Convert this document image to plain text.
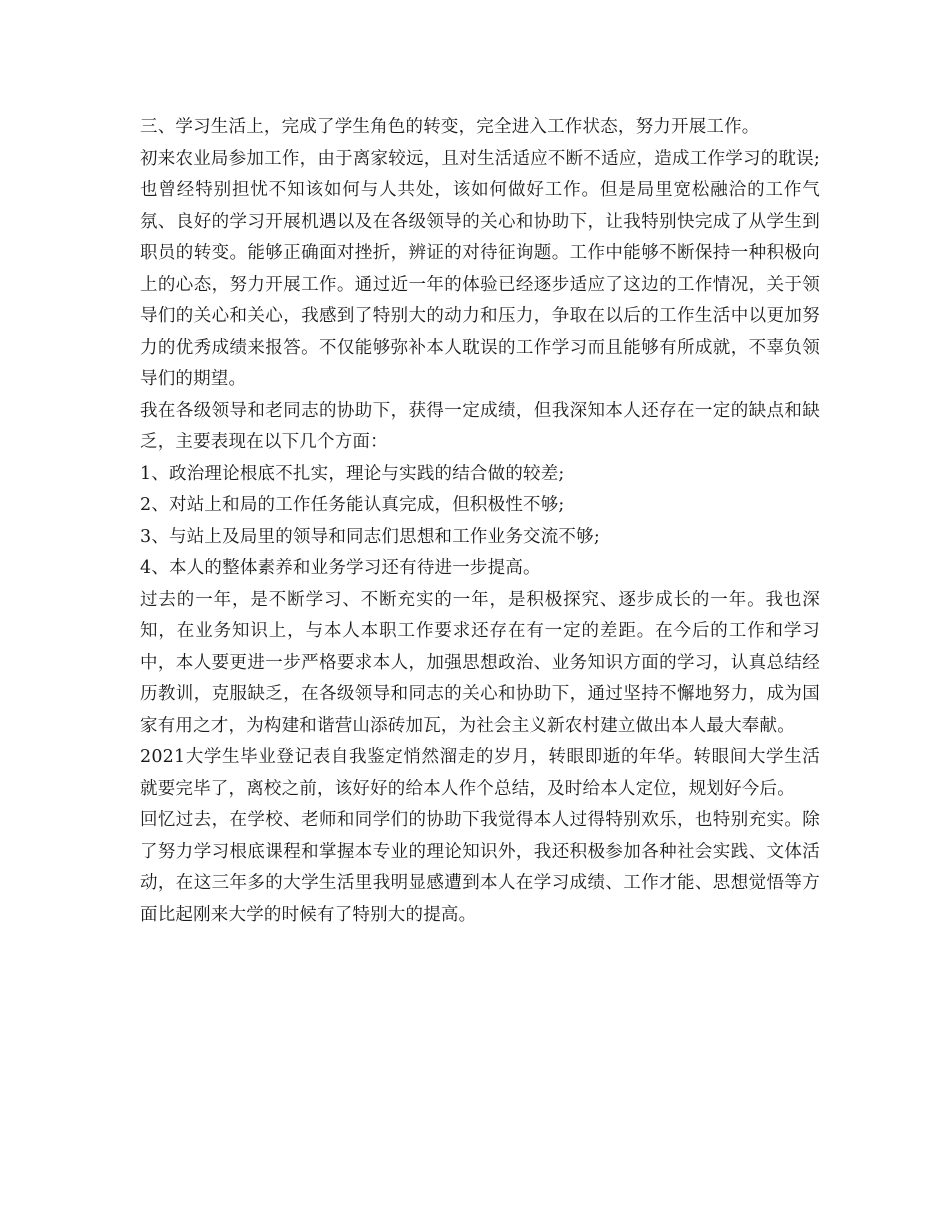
三、学习生活上，完成了学生角色的转变，完全进入工作状态，努力开展工作。

初来农业局参加工作，由于离家较远，且对生活适应不断不适应，造成工作学习的耽误;也曾经特别担忧不知该如何与人共处，该如何做好工作。但是局里宽松融洽的工作气氛、良好的学习开展机遇以及在各级领导的关心和协助下，让我特别快完成了从学生到职员的转变。能够正确面对挫折，辨证的对待征询题。工作中能够不断保持一种积极向上的心态，努力开展工作。通过近一年的体验已经逐步适应了这边的工作情况，关于领导们的关心和关心，我感到了特别大的动力和压力，争取在以后的工作生活中以更加努力的优秀成绩来报答。不仅能够弥补本人耽误的工作学习而且能够有所成就，不辜负领导们的期望。

我在各级领导和老同志的协助下，获得一定成绩，但我深知本人还存在一定的缺点和缺乏，主要表现在以下几个方面：

1、政治理论根底不扎实，理论与实践的结合做的较差;

2、对站上和局的工作任务能认真完成，但积极性不够;

3、与站上及局里的领导和同志们思想和工作业务交流不够;

4、本人的整体素养和业务学习还有待进一步提高。

过去的一年，是不断学习、不断充实的一年，是积极探究、逐步成长的一年。我也深知，在业务知识上，与本人本职工作要求还存在有一定的差距。在今后的工作和学习中，本人要更进一步严格要求本人，加强思想政治、业务知识方面的学习，认真总结经历教训，克服缺乏，在各级领导和同志的关心和协助下，通过坚持不懈地努力，成为国家有用之才，为构建和谐营山添砖加瓦，为社会主义新农村建立做出本人最大奉献。

2021大学生毕业登记表自我鉴定悄然溜走的岁月，转眼即逝的年华。转眼间大学生活就要完毕了，离校之前，该好好的给本人作个总结，及时给本人定位，规划好今后。

回忆过去，在学校、老师和同学们的协助下我觉得本人过得特别欢乐，也特别充实。除了努力学习根底课程和掌握本专业的理论知识外，我还积极参加各种社会实践、文体活动，在这三年多的大学生活里我明显感遭到本人在学习成绩、工作才能、思想觉悟等方面比起刚来大学的时候有了特别大的提高。
